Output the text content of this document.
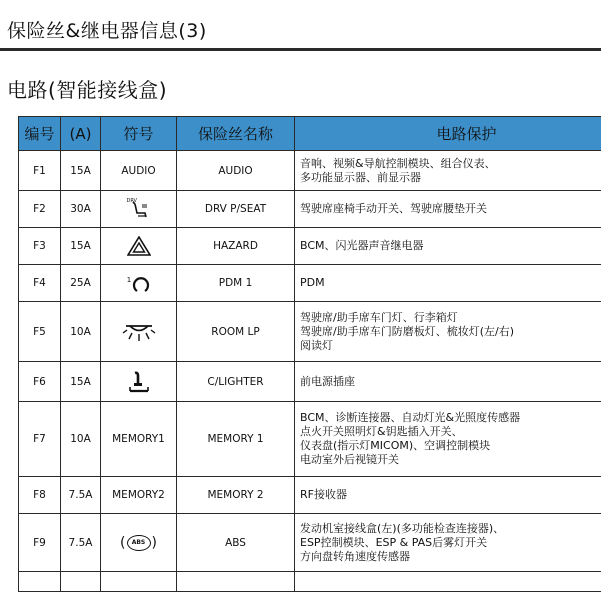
保险丝&继电器信息(3)
电路(智能接线盒)
编号	(A)	符号	保险丝名称	电路保护
F1	15A	AUDIO	AUDIO	音响、视频&导航控制模块、组合仪表、
多功能显示器、前显示器

F2	30A	DRV	DRV P/SEAT	驾驶席座椅手动开关、驾驶席腰垫开关

F3	15A		HAZARD	BCM、闪光器声音继电器

F4	25A	1	PDM 1	PDM

F5	10A		ROOM LP	驾驶席/助手席车门灯、行李箱灯
驾驶席/助手席车门防磨板灯、梳妆灯(左/右)
阅读灯

F6	15A		C/LIGHTER	前电源插座

F7	10A	MEMORY1	MEMORY 1	BCM、诊断连接器、自动灯光&光照度传感器
点火开关照明灯&钥匙插入开关、
仪表盘(指示灯MICOM)、空调控制模块
电动室外后视镜开关

F8	7.5A	MEMORY2	MEMORY 2	RF接收器

F9	7.5A	( ABS )	ABS	发动机室接线盒(左)(多功能检查连接器)、
ESP控制模块、ESP & PAS后雾灯开关
方向盘转角速度传感器
